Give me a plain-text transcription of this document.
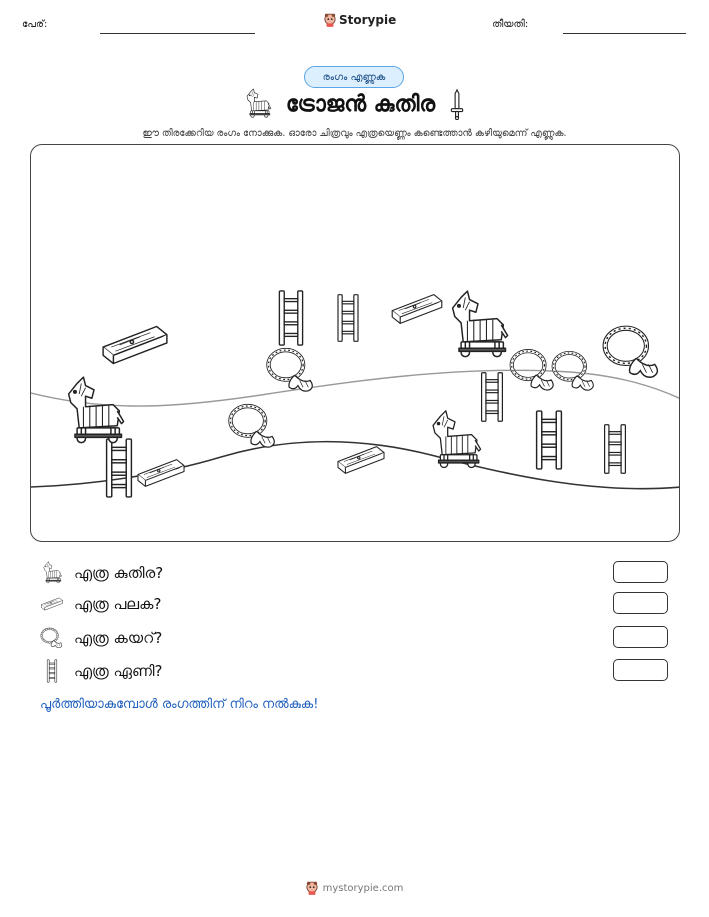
പേര്:	Storypie	തീയതി:
രംഗം എണ്ണുക
ട്രോജൻ കുതിര
ഈ തിരക്കേറിയ രംഗം നോക്കുക. ഓരോ ചിത്രവും എത്രയെണ്ണം കണ്ടെത്താൻ കഴിയുമെന്ന് എണ്ണുക.
എത്ര കുതിര?
എത്ര പലക?
എത്ര കയറ്?
എത്ര ഏണി?
പൂർത്തിയാകുമ്പോൾ രംഗത്തിന് നിറം നൽകുക!
mystorypie.com
